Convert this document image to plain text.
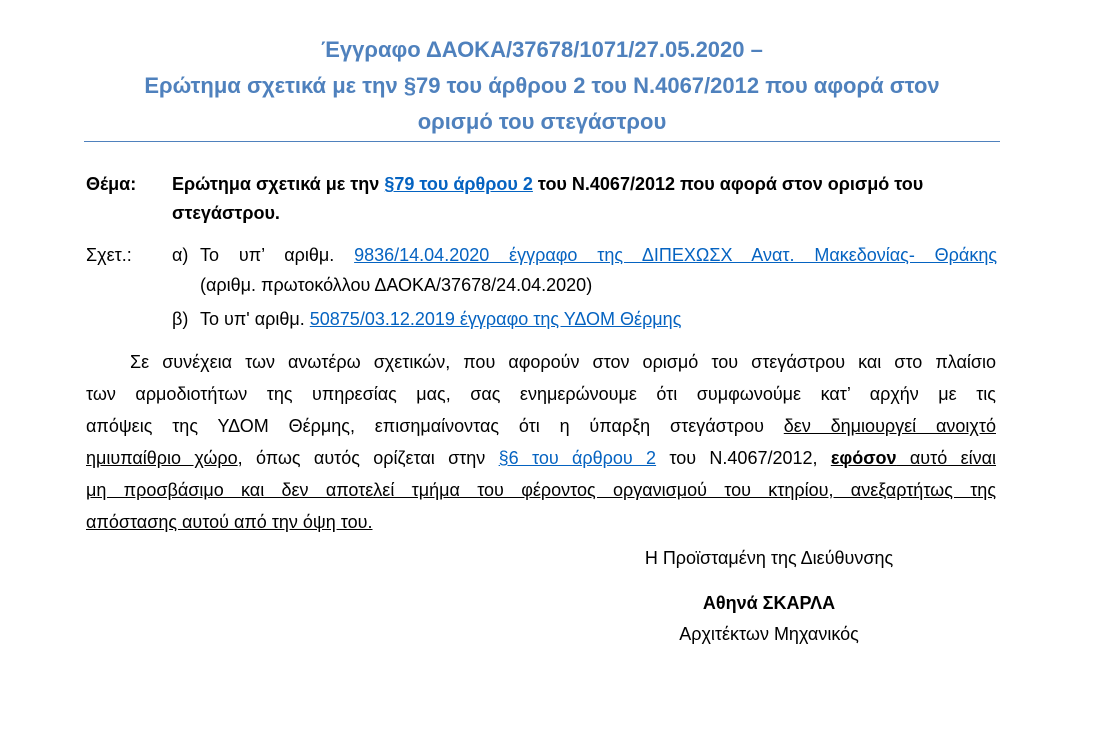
Έγγραφο ΔΑΟΚΑ/37678/1071/27.05.2020 –
Ερώτημα σχετικά με την §79 του άρθρου 2 του Ν.4067/2012 που αφορά στον
ορισμό του στεγάστρου
Θέμα: Ερώτημα σχετικά με την §79 του άρθρου 2 του Ν.4067/2012 που αφορά στον ορισμό του στεγάστρου.
Σχετ.: α) Το υπ’ αριθμ. 9836/14.04.2020 έγγραφο της ΔΙΠΕΧΩΣΧ Ανατ. Μακεδονίας- Θράκης
(αριθμ. πρωτοκόλλου ΔΑΟΚΑ/37678/24.04.2020)
β) Το υπ' αριθμ. 50875/03.12.2019 έγγραφο της ΥΔΟΜ Θέρμης
Σε συνέχεια των ανωτέρω σχετικών, που αφορούν στον ορισμό του στεγάστρου και στο πλαίσιο
των αρμοδιοτήτων της υπηρεσίας μας, σας ενημερώνουμε ότι συμφωνούμε κατ’ αρχήν με τις
απόψεις της ΥΔΟΜ Θέρμης, επισημαίνοντας ότι η ύπαρξη στεγάστρου δεν δημιουργεί ανοιχτό
ημιυπαίθριο χώρο, όπως αυτός ορίζεται στην §6 του άρθρου 2 του Ν.4067/2012, εφόσον αυτό είναι
μη προσβάσιμο και δεν αποτελεί τμήμα του φέροντος οργανισμού του κτηρίου, ανεξαρτήτως της
απόστασης αυτού από την όψη του.
Η Προϊσταμένη της Διεύθυνσης
Αθηνά ΣΚΑΡΛΑ
Αρχιτέκτων Μηχανικός
